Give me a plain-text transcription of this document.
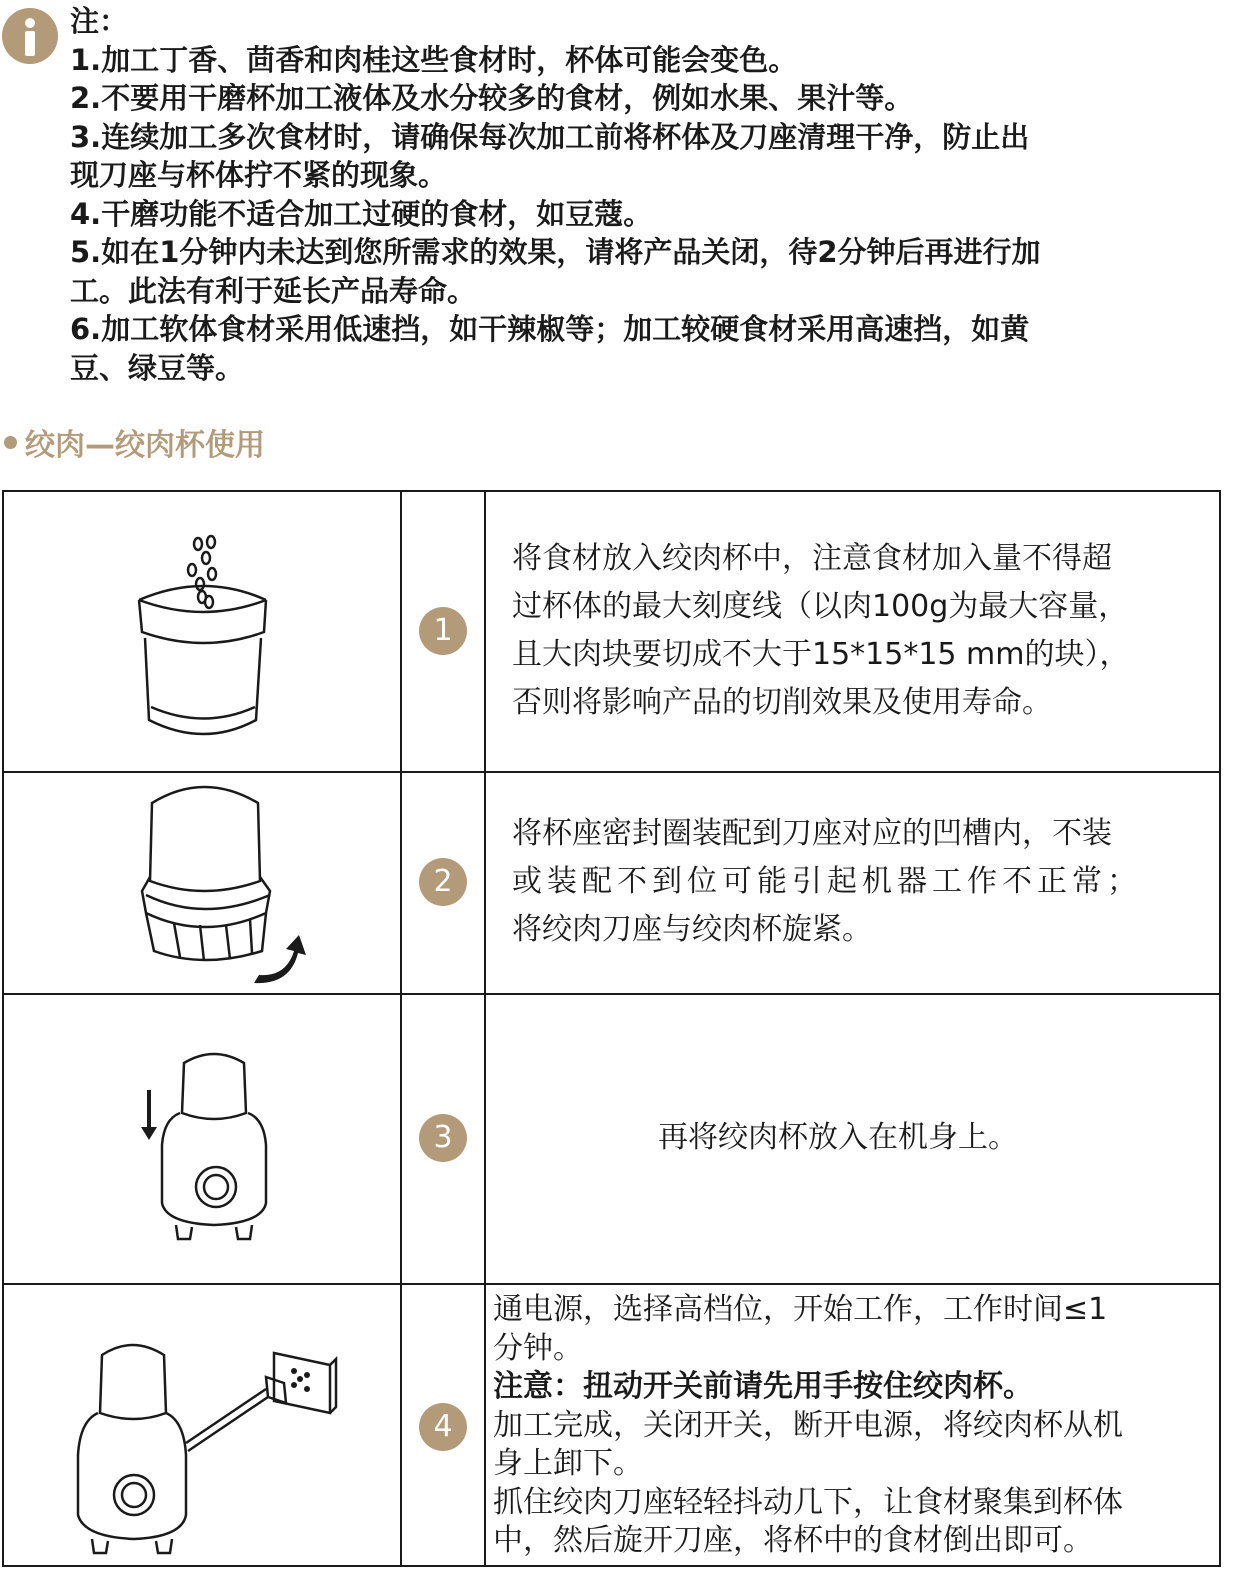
注：
1.加工丁香、茴香和肉桂这些食材时，杯体可能会变色。
2.不要用干磨杯加工液体及水分较多的食材，例如水果、果汁等。
3.连续加工多次食材时，请确保每次加工前将杯体及刀座清理干净，防止出
现刀座与杯体拧不紧的现象。
4.干磨功能不适合加工过硬的食材，如豆蔻。
5.如在1分钟内未达到您所需求的效果，请将产品关闭，待2分钟后再进行加
工。此法有利于延长产品寿命。
6.加工软体食材采用低速挡，如干辣椒等；加工较硬食材采用高速挡，如黄
豆、绿豆等。
绞肉—绞肉杯使用
1
将食材放入绞肉杯中，注意食材加入量不得超
过杯体的最大刻度线（以肉100g为最大容量，
且大肉块要切成不大于15*15*15 mm的块），
否则将影响产品的切削效果及使用寿命。
2
将杯座密封圈装配到刀座对应的凹槽内，不装
或装配不到位可能引起机器工作不正常；
将绞肉刀座与绞肉杯旋紧。
3	再将绞肉杯放入在机身上。
4
通电源，选择高档位，开始工作，工作时间≤1
分钟。
注意：扭动开关前请先用手按住绞肉杯。
加工完成，关闭开关，断开电源，将绞肉杯从机
身上卸下。
抓住绞肉刀座轻轻抖动几下，让食材聚集到杯体
中，然后旋开刀座，将杯中的食材倒出即可。
